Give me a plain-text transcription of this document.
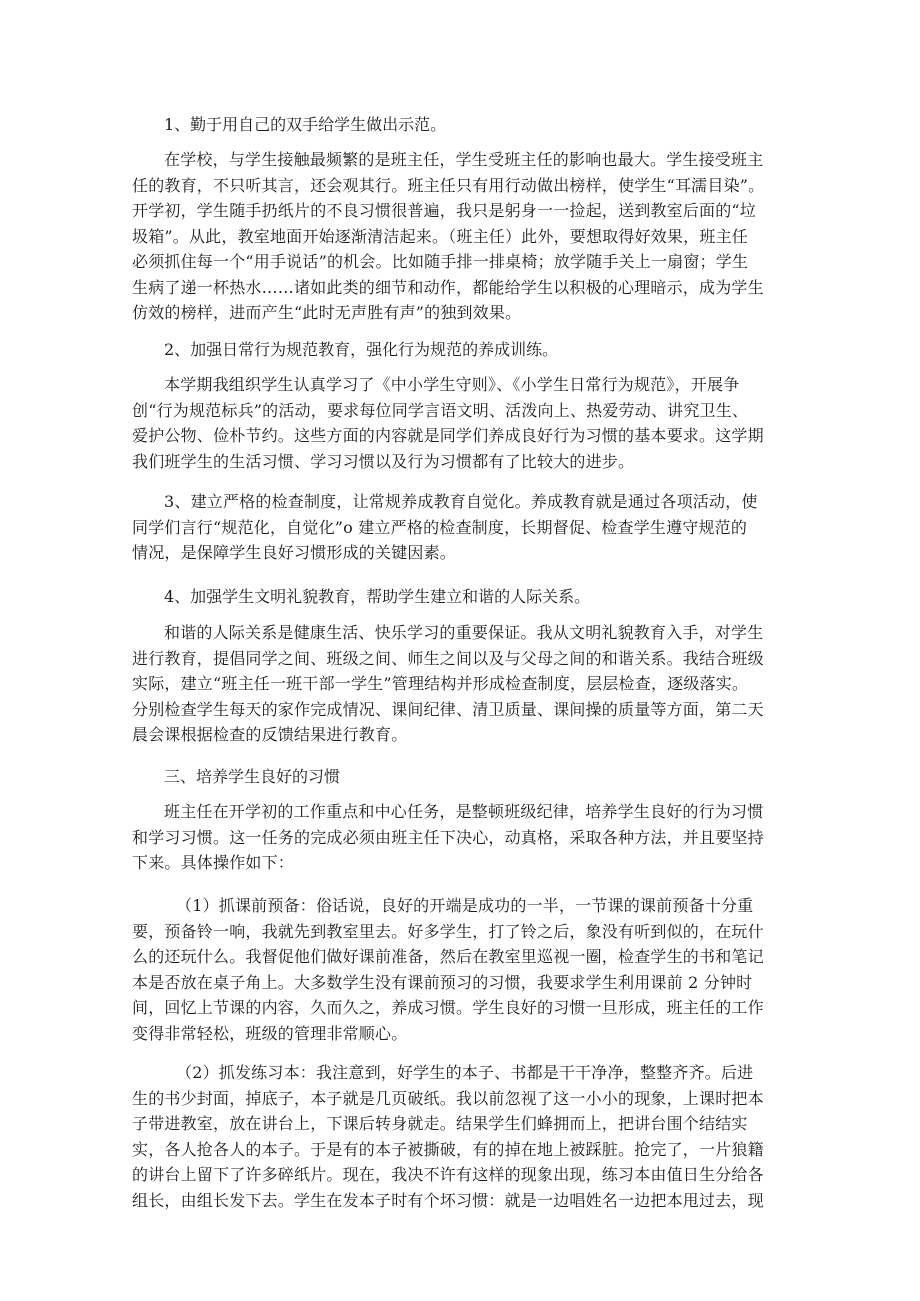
1、勤于用自己的双手给学生做出示范。
在学校，与学生接触最频繁的是班主任，学生受班主任的影响也最大。学生接受班主
任的教育，不只听其言，还会观其行。班主任只有用行动做出榜样，使学生“耳濡目染”。
开学初，学生随手扔纸片的不良习惯很普遍，我只是躬身一一捡起，送到教室后面的“垃
圾箱”。从此，教室地面开始逐渐清洁起来。（班主任）此外，要想取得好效果，班主任
必须抓住每一个“用手说话”的机会。比如随手排一排桌椅；放学随手关上一扇窗；学生
生病了递一杯热水……诸如此类的细节和动作，都能给学生以积极的心理暗示，成为学生
仿效的榜样，进而产生“此时无声胜有声”的独到效果。
2、加强日常行为规范教育，强化行为规范的养成训练。
本学期我组织学生认真学习了《中小学生守则》、《小学生日常行为规范》，开展争
创“行为规范标兵”的活动，要求每位同学言语文明、活泼向上、热爱劳动、讲究卫生、
爱护公物、俭朴节约。这些方面的内容就是同学们养成良好行为习惯的基本要求。这学期
我们班学生的生活习惯、学习习惯以及行为习惯都有了比较大的进步。
3、建立严格的检查制度，让常规养成教育自觉化。养成教育就是通过各项活动，使
同学们言行“规范化，自觉化”o 建立严格的检查制度，长期督促、检查学生遵守规范的
情况，是保障学生良好习惯形成的关键因素。
4、加强学生文明礼貌教育，帮助学生建立和谐的人际关系。
和谐的人际关系是健康生活、快乐学习的重要保证。我从文明礼貌教育入手，对学生
进行教育，提倡同学之间、班级之间、师生之间以及与父母之间的和谐关系。我结合班级
实际，建立“班主任一班干部一学生”管理结构并形成检查制度，层层检查，逐级落实。
分别检查学生每天的家作完成情况、课间纪律、清卫质量、课间操的质量等方面，第二天
晨会课根据检查的反馈结果进行教育。
三、培养学生良好的习惯
班主任在开学初的工作重点和中心任务，是整顿班级纪律，培养学生良好的行为习惯
和学习习惯。这一任务的完成必须由班主任下决心，动真格，采取各种方法，并且要坚持
下来。具体操作如下：
（1）抓课前预备：俗话说，良好的开端是成功的一半，一节课的课前预备十分重
要，预备铃一响，我就先到教室里去。好多学生，打了铃之后，象没有听到似的，在玩什
么的还玩什么。我督促他们做好课前准备，然后在教室里巡视一圈，检查学生的书和笔记
本是否放在桌子角上。大多数学生没有课前预习的习惯，我要求学生利用课前 2 分钟时
间，回忆上节课的内容，久而久之，养成习惯。学生良好的习惯一旦形成，班主任的工作
变得非常轻松，班级的管理非常顺心。
（2）抓发练习本：我注意到，好学生的本子、书都是干干净净，整整齐齐。后进
生的书少封面，掉底子，本子就是几页破纸。我以前忽视了这一小小的现象，上课时把本
子带进教室，放在讲台上，下课后转身就走。结果学生们蜂拥而上，把讲台围个结结实
实，各人抢各人的本子。于是有的本子被撕破，有的掉在地上被踩脏。抢完了，一片狼籍
的讲台上留下了许多碎纸片。现在，我决不许有这样的现象出现，练习本由值日生分给各
组长，由组长发下去。学生在发本子时有个坏习惯：就是一边唱姓名一边把本甩过去，现
